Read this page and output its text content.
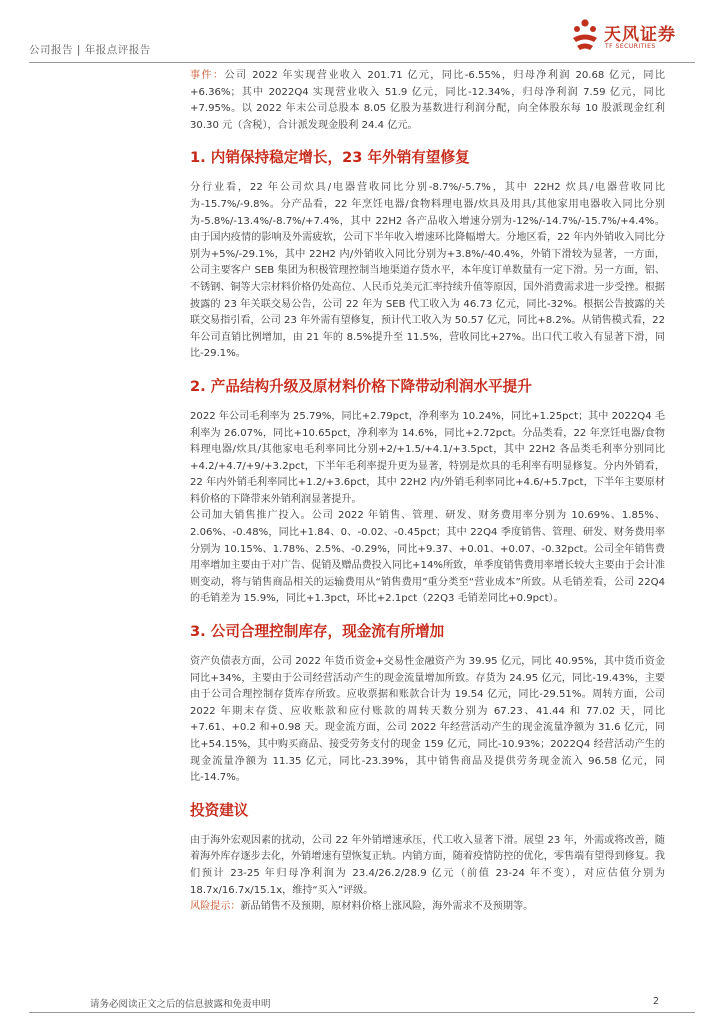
公司报告 | 年报点评报告
天风证券
TF SECURITIES

事件：公司 2022 年实现营业收入 201.71 亿元，同比-6.55%，归母净利润 20.68 亿元，同比+6.36%；其中 2022Q4 实现营业收入 51.9 亿元，同比-12.34%，归母净利润 7.59 亿元，同比+7.95%。以 2022 年末公司总股本 8.05 亿股为基数进行利润分配，向全体股东每 10 股派现金红利 30.30 元（含税），合计派发现金股利 24.4 亿元。

1. 内销保持稳定增长，23 年外销有望修复

分行业看，22 年公司炊具/电器营收同比分别-8.7%/-5.7%，其中 22H2 炊具/电器营收同比为-15.7%/-9.8%。分产品看，22 年烹饪电器/食物料理电器/炊具及用具/其他家用电器收入同比分别为-5.8%/-13.4%/-8.7%/+7.4%，其中 22H2 各产品收入增速分别为-12%/-14.7%/-15.7%/+4.4%。由于国内疫情的影响及外需疲软，公司下半年收入增速环比降幅增大。分地区看，22 年内外销收入同比分别为+5%/-29.1%，其中 22H2 内/外销收入同比分别为+3.8%/-40.4%，外销下滑较为显著，一方面，公司主要客户 SEB 集团为积极管理控制当地渠道存货水平，本年度订单数量有一定下滑。另一方面，铝、不锈钢、铜等大宗材料价格仍处高位、人民币兑美元汇率持续升值等原因，国外消费需求进一步受挫。根据披露的 23 年关联交易公告，公司 22 年为 SEB 代工收入为 46.73 亿元，同比-32%。根据公告披露的关联交易指引看，公司 23 年外需有望修复，预计代工收入为 50.57 亿元，同比+8.2%。从销售模式看，22 年公司直销比例增加，由 21 年的 8.5%提升至 11.5%，营收同比+27%。出口代工收入有显著下滑，同比-29.1%。

2. 产品结构升级及原材料价格下降带动利润水平提升

2022 年公司毛利率为 25.79%，同比+2.79pct，净利率为 10.24%，同比+1.25pct；其中 2022Q4 毛利率为 26.07%，同比+10.65pct，净利率为 14.6%，同比+2.72pct。分品类看，22 年烹饪电器/食物料理电器/炊具/其他家电毛利率同比分别+2/+1.5/+4.1/+3.5pct，其中 22H2 各品类毛利率分别同比+4.2/+4.7/+9/+3.2pct，下半年毛利率提升更为显著，特别是炊具的毛利率有明显修复。分内外销看，22 年内外销毛利率同比+1.2/+3.6pct，其中 22H2 内/外销毛利率同比+4.6/+5.7pct，下半年主要原材料价格的下降带来外销利润显著提升。

公司加大销售推广投入。公司 2022 年销售、管理、研发、财务费用率分别为 10.69%、1.85%、2.06%、-0.48%，同比+1.84、0、-0.02、-0.45pct；其中 22Q4 季度销售、管理、研发、财务费用率分别为 10.15%、1.78%、2.5%、-0.29%，同比+9.37、+0.01、+0.07、-0.32pct。公司全年销售费用率增加主要由于对广告、促销及赠品费投入同比+14%所致，单季度销售费用率增长较大主要由于会计准则变动，将与销售商品相关的运输费用从“销售费用”重分类至“营业成本”所致。从毛销差看，公司 22Q4 的毛销差为 15.9%，同比+1.3pct，环比+2.1pct（22Q3 毛销差同比+0.9pct）。

3. 公司合理控制库存，现金流有所增加

资产负债表方面，公司 2022 年货币资金+交易性金融资产为 39.95 亿元，同比 40.95%，其中货币资金同比+34%，主要由于公司经营活动产生的现金流量增加所致。存货为 24.95 亿元，同比-19.43%，主要由于公司合理控制存货库存所致。应收票据和账款合计为 19.54 亿元，同比-29.51%。周转方面，公司 2022 年期末存货、应收账款和应付账款的周转天数分别为 67.23、41.44 和 77.02 天，同比+7.61、+0.2 和+0.98 天。现金流方面，公司 2022 年经营活动产生的现金流量净额为 31.6 亿元，同比+54.15%，其中购买商品、接受劳务支付的现金 159 亿元，同比-10.93%；2022Q4 经营活动产生的现金流量净额为 11.35 亿元，同比-23.39%，其中销售商品及提供劳务现金流入 96.58 亿元，同比-14.7%。

投资建议

由于海外宏观因素的扰动，公司 22 年外销增速承压，代工收入显著下滑。展望 23 年，外需或将改善，随着海外库存逐步去化，外销增速有望恢复正轨。内销方面，随着疫情防控的优化，零售端有望得到修复。我们预计 23-25 年归母净利润为 23.4/26.2/28.9 亿元（前值 23-24 年不变），对应估值分别为 18.7x/16.7x/15.1x，维持“买入”评级。

风险提示：新品销售不及预期，原材料价格上涨风险，海外需求不及预期等。

请务必阅读正文之后的信息披露和免责申明	2
